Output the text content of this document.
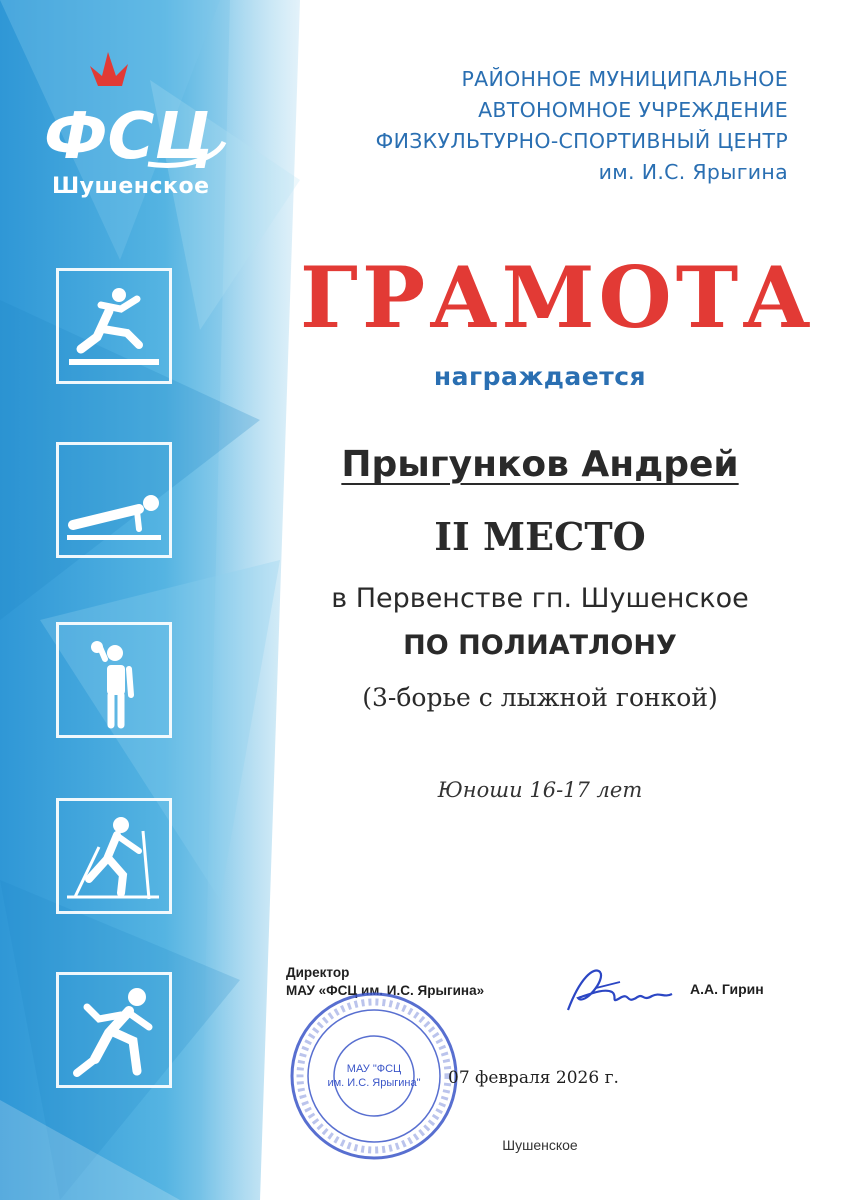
ФСЦ
Шушенское
РАЙОННОЕ МУНИЦИПАЛЬНОЕ
АВТОНОМНОЕ УЧРЕЖДЕНИЕ
ФИЗКУЛЬТУРНО-СПОРТИВНЫЙ ЦЕНТР
им. И.С. Ярыгина
ГРАМОТА
награждается
Прыгунков Андрей
II МЕСТО
в Первенстве гп. Шушенское
ПО ПОЛИАТЛОНУ
(3-борье с лыжной гонкой)
Юноши 16-17 лет
Директор
МАУ «ФСЦ им. И.С. Ярыгина»	А.А. Гирин
МАУ "ФСЦ
им. И.С. Ярыгина" 07 февраля 2026 г.
Шушенское
